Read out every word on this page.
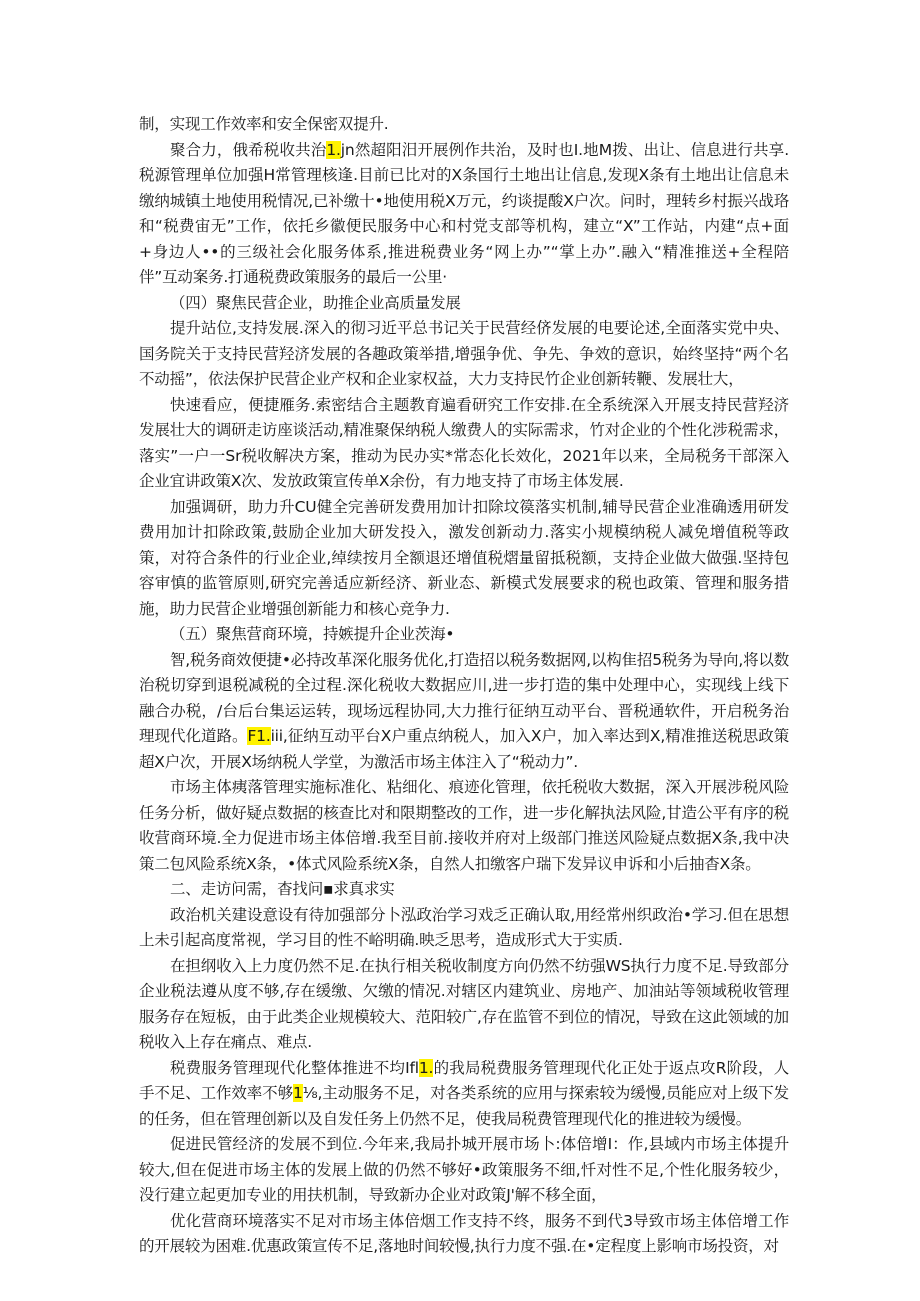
制，实现工作效率和安全保密双提升.

聚合力，俄希税收共治1.jn然超阳汨开展例作共治，及时也I.地M拨、出让、信息进行共享.税源管理单位加强H常管理核逢.目前已比对的X条国行土地出让信息,发现X条有土地出让信息未缴纳城镇土地使用税情况,已补缴十•地使用税X万元，约谈提酸X户次。问时，理转乡村振兴战珞和“税费宙无”工作，依托乡徽便民服务中心和村党支部等机构，建立“X”工作站，内建“点+面+身边人••的三级社会化服务体系,推进税费业务“网上办”“掌上办”.融入“精准推送+全程陪伴”互动案务.打通税费政策服务的最后一公里·

（四）聚焦民营企业，助推企业高质量发展

提升站位,支持发展.深入的彻习近平总书记关于民营经侪发展的电要论述,全面落实党中央、国务院关于支持民营羟济发展的各趣政策举措,增强争优、争先、争效的意识，始终坚持“两个名不动摇”，依法保护民营企业产权和企业家权益，大力支持民竹企业创新转鞭、发展壮大，

快速看应，便捷雁务.索密结合主题教育遍看研究工作安排.在全系统深入开展支持民营羟济发展壮大的调研走访座谈活动,精准聚保纳税人缴费人的实际需求，竹对企业的个性化涉税需求，落实”一户一Sr税收解决方案，推动为民办实*常态化长效化，2021年以来，全局税务干部深入企业宜讲政策X次、发放政策宣传单X余份，有力地支持了市场主体发展.

加强调研，助力升CU健全完善研发费用加计扣除坟篌落实机制,辅导民营企业准确透用研发费用加计扣除政策,鼓励企业加大研发投入，激发创新动力.落实小规模纳税人减免增值税等政策，对符合条件的行业企业,绰续按月全额退还增值税熠量留抵税额，支持企业做大做强.坚持包容审慎的监管原则,研究完善适应新经济、新业态、新模式发展要求的税也政策、管理和服务措施，助力民营企业增强创新能力和核心竞争力.

（五）聚焦营商环境，持嫉提升企业茨海•

智,税务商效便捷•必持改革深化服务优化,打造招以税务数据网,以构隹招5税务为导向,将以数治税切穿到退税减税的全过程.深化税收大数据应川,进一步打造的集中处理中心，实现线上线下融合办税，/台后台集运运转，现场远程协同,大力推行征纳互动平台、晋税通软件，开启税务治理现代化道路。F1.iii,征纳互动平台X户重点纳税人，加入X户，加入率达到X,精准推送税思政策超X户次，开展X场纳税人学堂，为激活市场主体注入了“税动力”.

市场主体痍落管理实施标准化、粘细化、痕迹化管理，依托税收大数据，深入开展涉税风险任务分析，做好疑点数据的核查比对和限期整改的工作，进一步化解执法风险,甘造公平有序的税收营商环境.全力促进市场主体倍增.我至目前.接收并府对上级部门推送风险疑点数据X条,我中决策二包风险系统X条，•体式风险系统X条，自然人扣缴客户瑞下发异议申诉和小后抽杳X条。

二、走访问需，杳找问▪求真求实

政治机关建设意设有待加强部分卜泓政治学习戏乏正确认取,用经常州织政治•学习.但在思想上未引起高度常视，学习目的性不峪明确.映乏思考，造成形式大于实质.

在担纲收入上力度仍然不足.在执行相关税收制度方向仍然不纺强WS执行力度不足.导致部分企业税法遵从度不够,存在缓缴、欠缴的情况.对辖区内建筑业、房地产、加油站等领域税收管理服务存在短板，由于此类企业规模较大、范阳较广,存在监管不到位的情况，导致在这此领域的加税收入上存在痛点、难点.

税费服务管理现代化整体推进不均Ifl1.的我局税费服务管理现代化正处于返点攻R阶段，人手不足、工作效率不够1⅛,主动服务不足，对各类系统的应用与探索较为缓慢,员能应对上级下发的任务，但在管理创新以及自发任务上仍然不足，使我局税费管理现代化的推进较为缓慢。

促进民管经济的发展不到位.今年来,我局扑城开展市场卜:体倍增I：作,县域内市场主体提升较大,但在促进市场主体的发展上做的仍然不够好•政策服务不细,忏对性不足,个性化服务较少，没行建立起更加专业的用扶机制，导致新办企业对政策J'解不移全面，

优化营商环境落实不足对市场主体倍烟工作支持不终，服务不到代3导致市场主体倍增工作的开展较为困难.优惠政策宣传不足,落地时间较慢,执行力度不强.在•定程度上影响市场投资，对
